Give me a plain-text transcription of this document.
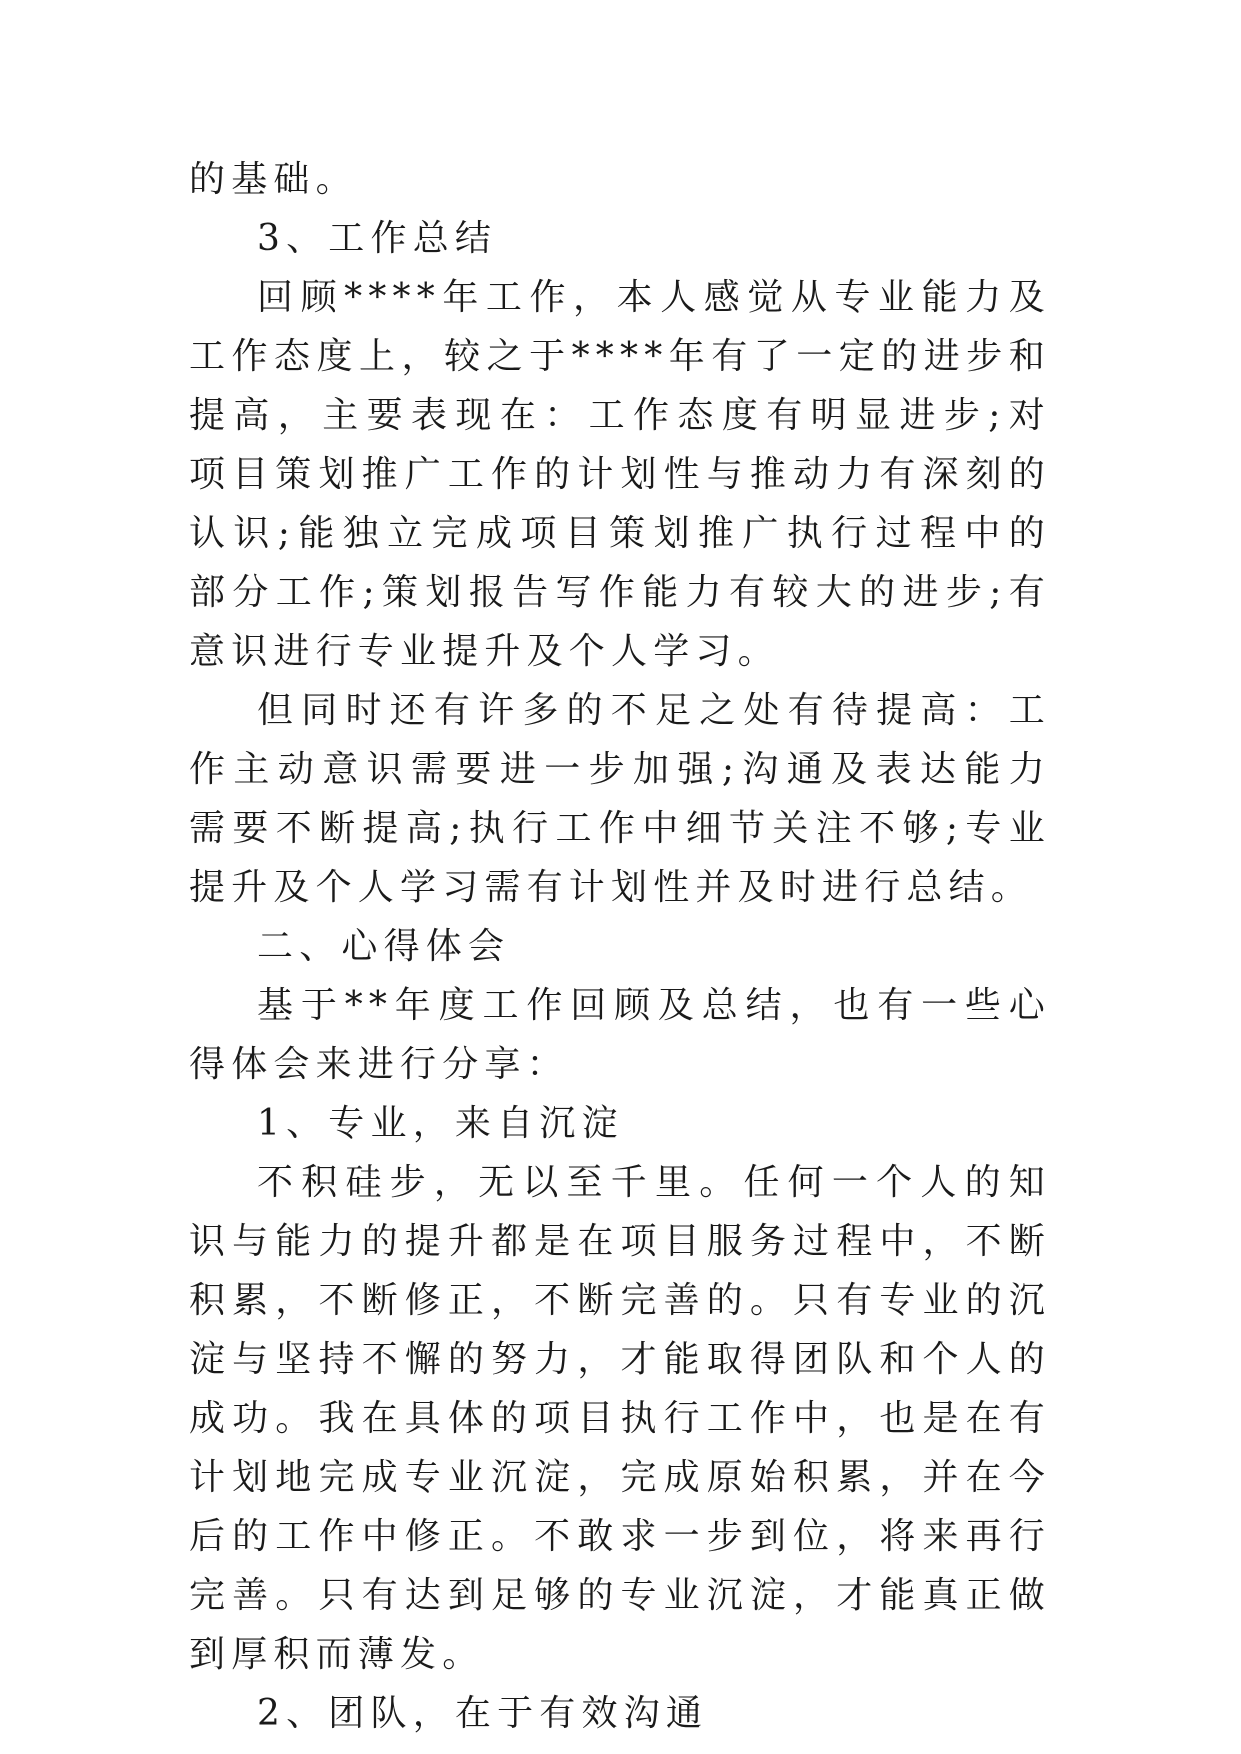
的基础。

3、工作总结

回顾****年工作，本人感觉从专业能力及工作态度上，较之于****年有了一定的进步和提高，主要表现在：工作态度有明显进步;对项目策划推广工作的计划性与推动力有深刻的认识;能独立完成项目策划推广执行过程中的部分工作;策划报告写作能力有较大的进步;有意识进行专业提升及个人学习。

但同时还有许多的不足之处有待提高：工作主动意识需要进一步加强;沟通及表达能力需要不断提高;执行工作中细节关注不够;专业提升及个人学习需有计划性并及时进行总结。

二、心得体会

基于**年度工作回顾及总结，也有一些心得体会来进行分享：

1、专业，来自沉淀

不积硅步，无以至千里。任何一个人的知识与能力的提升都是在项目服务过程中，不断积累，不断修正，不断完善的。只有专业的沉淀与坚持不懈的努力，才能取得团队和个人的成功。我在具体的项目执行工作中，也是在有计划地完成专业沉淀，完成原始积累，并在今后的工作中修正。不敢求一步到位，将来再行完善。只有达到足够的专业沉淀，才能真正做到厚积而薄发。

2、团队，在于有效沟通
